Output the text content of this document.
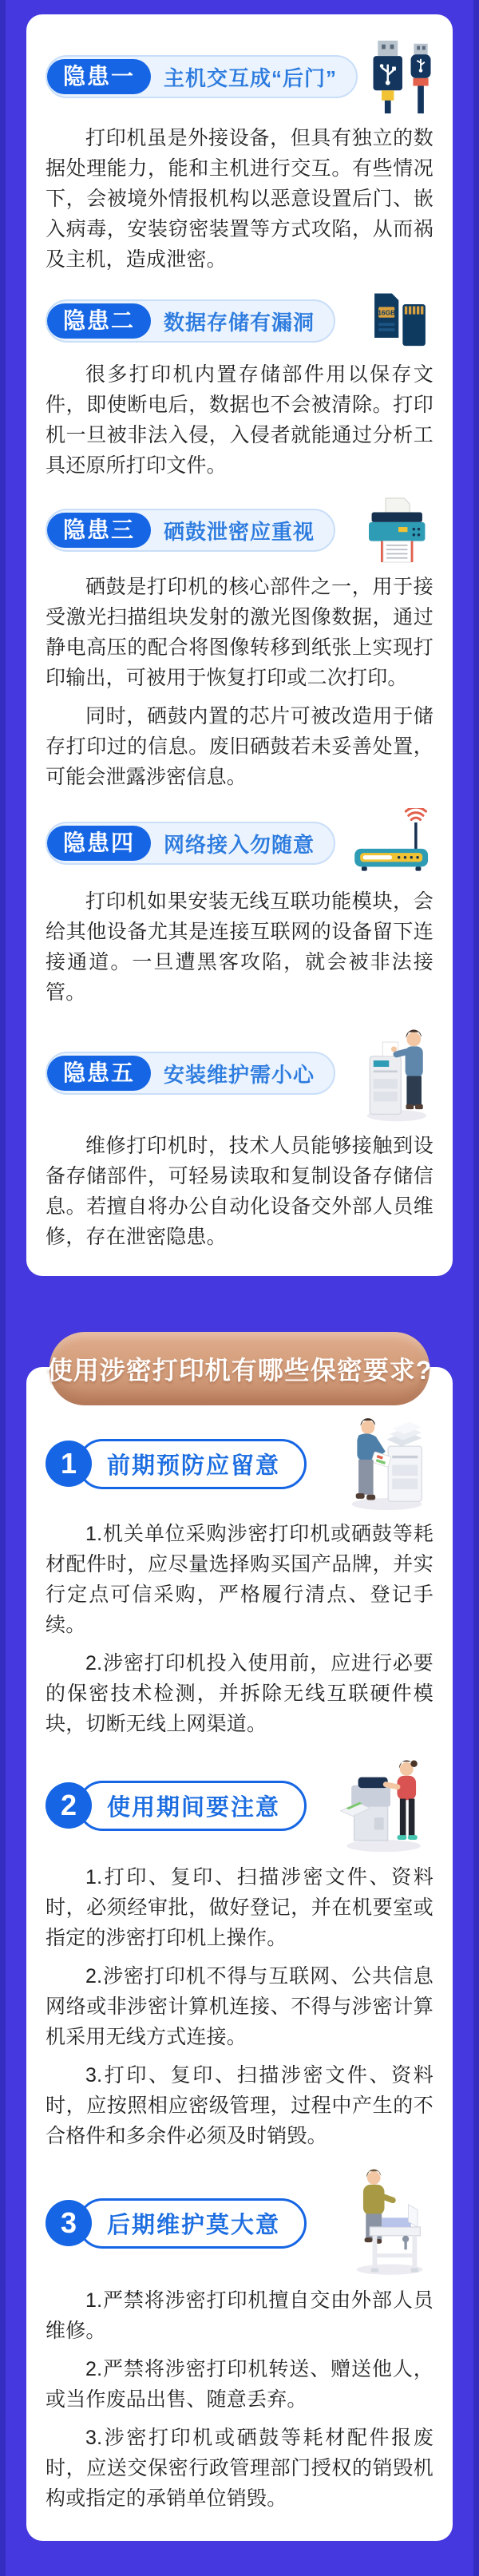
隐患一	主机交互成“后门”

打印机虽是外接设备，但具有独立的数据处理能力，能和主机进行交互。有些情况下，会被境外情报机构以恶意设置后门、嵌入病毒，安装窃密装置等方式攻陷，从而祸及主机，造成泄密。

隐患二	数据存储有漏洞	16GB

很多打印机内置存储部件用以保存文件，即使断电后，数据也不会被清除。打印机一旦被非法入侵，入侵者就能通过分析工具还原所打印文件。

隐患三	硒鼓泄密应重视

硒鼓是打印机的核心部件之一，用于接受激光扫描组块发射的激光图像数据，通过静电高压的配合将图像转移到纸张上实现打印输出，可被用于恢复打印或二次打印。

同时，硒鼓内置的芯片可被改造用于储存打印过的信息。废旧硒鼓若未妥善处置，可能会泄露涉密信息。

隐患四	网络接入勿随意

打印机如果安装无线互联功能模块，会给其他设备尤其是连接互联网的设备留下连接通道。一旦遭黑客攻陷，就会被非法接管。

隐患五	安装维护需小心

维修打印机时，技术人员能够接触到设备存储部件，可轻易读取和复制设备存储信息。若擅自将办公自动化设备交外部人员维修，存在泄密隐患。

使用涉密打印机有哪些保密要求?
1	前期预防应留意

1.机关单位采购涉密打印机或硒鼓等耗材配件时，应尽量选择购买国产品牌，并实行定点可信采购，严格履行清点、登记手续。

2.涉密打印机投入使用前，应进行必要的保密技术检测，并拆除无线互联硬件模块，切断无线上网渠道。

2	使用期间要注意

1.打印、复印、扫描涉密文件、资料时，必须经审批，做好登记，并在机要室或指定的涉密打印机上操作。

2.涉密打印机不得与互联网、公共信息网络或非涉密计算机连接、不得与涉密计算机采用无线方式连接。

3.打印、复印、扫描涉密文件、资料时，应按照相应密级管理，过程中产生的不合格件和多余件必须及时销毁。

3	后期维护莫大意

1.严禁将涉密打印机擅自交由外部人员维修。

2.严禁将涉密打印机转送、赠送他人，或当作废品出售、随意丢弃。

3.涉密打印机或硒鼓等耗材配件报废时，应送交保密行政管理部门授权的销毁机构或指定的承销单位销毁。
